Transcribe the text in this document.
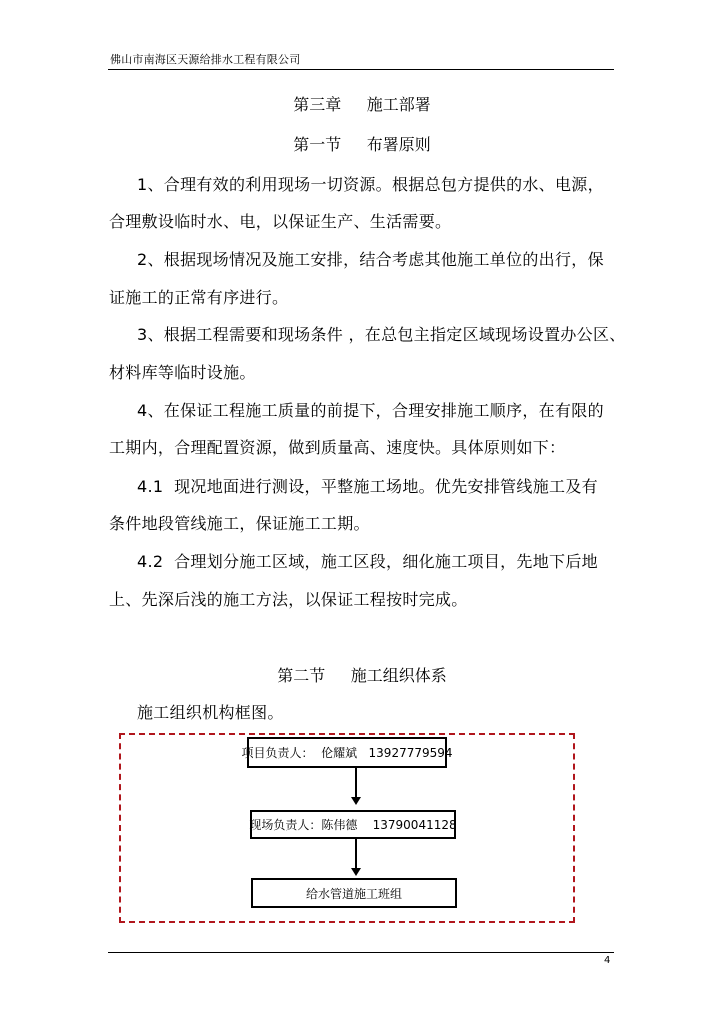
佛山市南海区天源给排水工程有限公司
第三章     施工部署
第一节     布署原则
1、合理有效的利用现场一切资源。根据总包方提供的水、电源，
合理敷设临时水、电，以保证生产、生活需要。
2、根据现场情况及施工安排，结合考虑其他施工单位的出行，保
证施工的正常有序进行。
3、根据工程需要和现场条件 ，在总包主指定区域现场设置办公区、
材料库等临时设施。
4、在保证工程施工质量的前提下，合理安排施工顺序，在有限的
工期内，合理配置资源，做到质量高、速度快。具体原则如下：
4.1  现况地面进行测设，平整施工场地。优先安排管线施工及有
条件地段管线施工，保证施工工期。
4.2  合理划分施工区域，施工区段，细化施工项目，先地下后地
上、先深后浅的施工方法，以保证工程按时完成。
第二节     施工组织体系
施工组织机构框图。
项目负责人：  伦耀斌   13927779594
现场负责人：陈伟德    13790041128
给水管道施工班组
4
